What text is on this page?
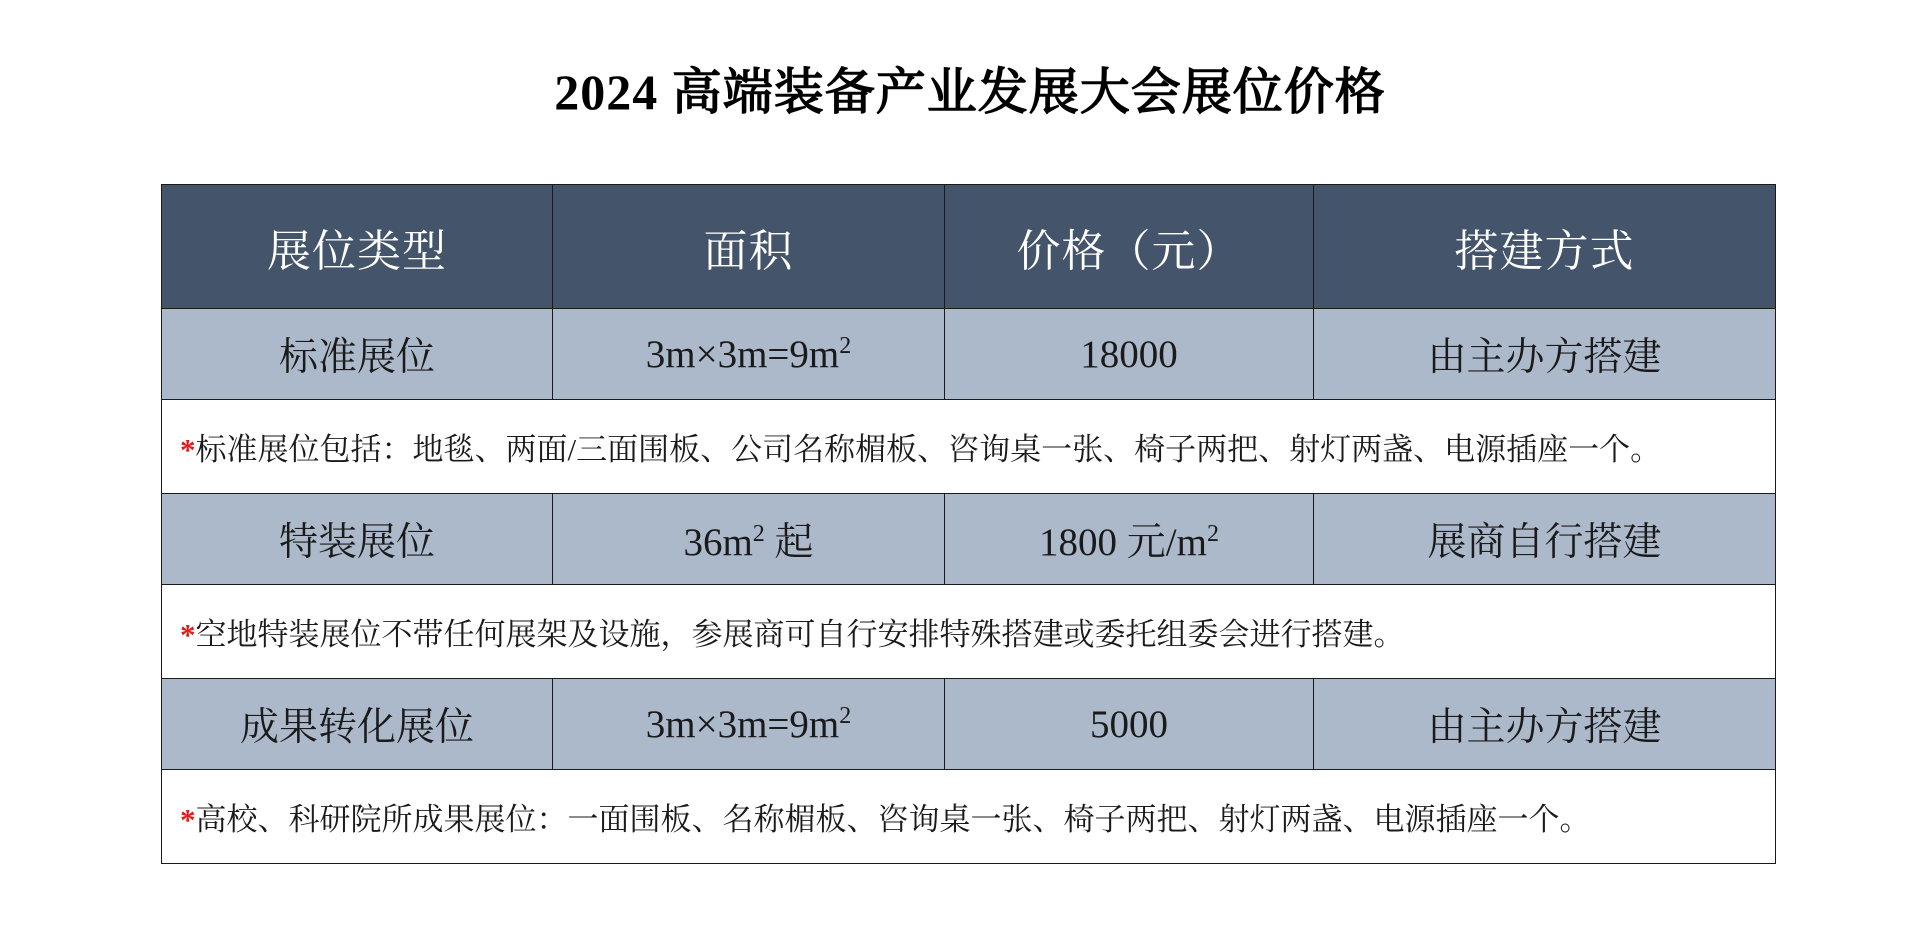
2024 高端装备产业发展大会展位价格
展位类型	面积	价格（元）	搭建方式
标准展位	$3m\times 3m=9m^2$	18000	由主办方搭建
*标准展位包括：地毯、两面/三面围板、公司名称楣板、咨询桌一张、椅子两把、射灯两盏、电源插座一个。			
特装展位	$36m^2$ 起	1800 元$/m^2$	展商自行搭建
*空地特装展位不带任何展架及设施，参展商可自行安排特殊搭建或委托组委会进行搭建。			
成果转化展位	$3m\times 3m=9m^2$	5000	由主办方搭建
*高校、科研院所成果展位：一面围板、名称楣板、咨询桌一张、椅子两把、射灯两盏、电源插座一个。			
